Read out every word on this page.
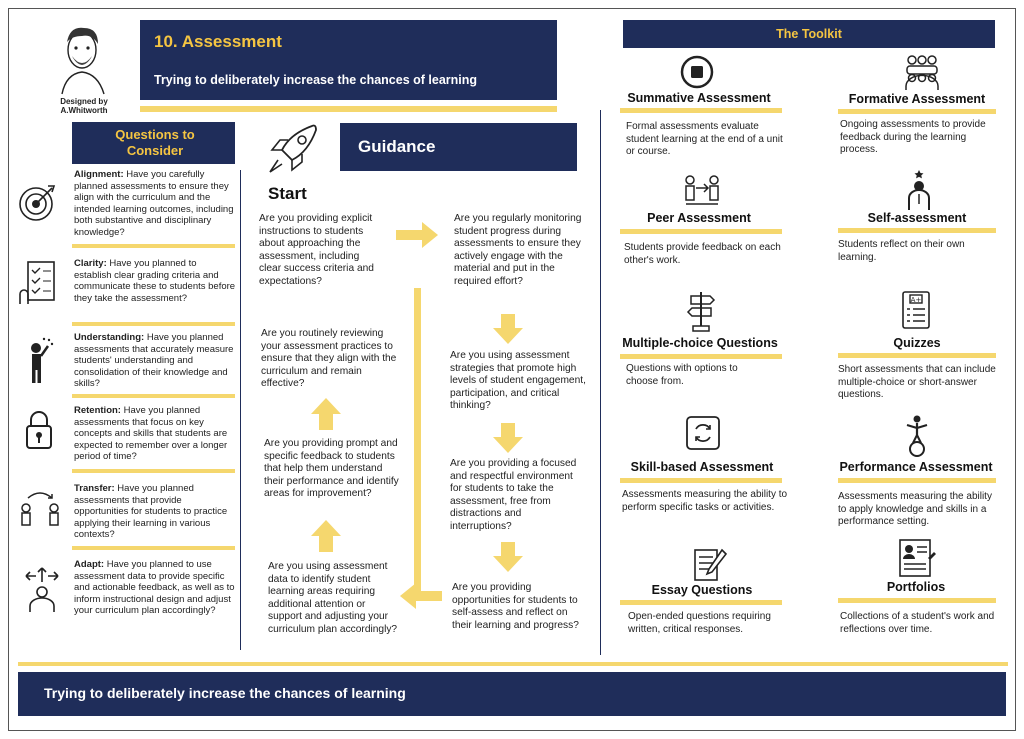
Designed by
A.Whitworth
10. Assessment
Trying to deliberately increase the chances of learning
Questions to Consider
Alignment: Have you carefully planned assessments to ensure they align with the curriculum and the intended learning outcomes, including both substantive and disciplinary knowledge?
Clarity: Have you planned to establish clear grading criteria and communicate these to students before they take the assessment?
Understanding: Have you planned assessments that accurately measure students' understanding and consolidation of their knowledge and skills?
Retention: Have you planned assessments that focus on key concepts and skills that students are expected to remember over a longer period of time?
Transfer: Have you planned assessments that provide opportunities for students to practice applying their learning in various contexts?
Adapt: Have you planned to use assessment data to provide specific and actionable feedback, as well as to inform instructional design and adjust your curriculum plan accordingly?
Start
Guidance
Are you providing explicit instructions to students about approaching the assessment, including clear success criteria and expectations?
Are you regularly monitoring student progress during assessments to ensure they actively engage with the material and put in the required effort?
Are you using assessment strategies that promote high levels of student engagement, participation, and critical thinking?
Are you providing a focused and respectful environment for students to take the assessment, free from distractions and interruptions?
Are you providing opportunities for students to self-assess and reflect on their learning and progress?
Are you using assessment data to identify student learning areas requiring additional attention or support and adjusting your curriculum plan accordingly?
Are you providing prompt and specific feedback to students that help them understand their performance and identify areas for improvement?
Are you routinely reviewing your assessment practices to ensure that they align with the curriculum and remain effective?
The Toolkit
A+
Summative Assessment
Formal assessments evaluate student learning at the end of a unit or course.
Formative Assessment
Ongoing assessments to provide feedback during the learning process.
Peer Assessment
Students provide feedback on each other's work.
Self-assessment
Students reflect on their own learning.
Multiple-choice Questions
Questions with options to choose from.
Quizzes
Short assessments that can include multiple-choice or short-answer questions.
Skill-based Assessment
Assessments measuring the ability to perform specific tasks or activities.
Performance Assessment
Assessments measuring the ability to apply knowledge and skills in a performance setting.
Essay Questions
Open-ended questions requiring written, critical responses.
Portfolios
Collections of a student's work and reflections over time.
Trying to deliberately increase the chances of learning
